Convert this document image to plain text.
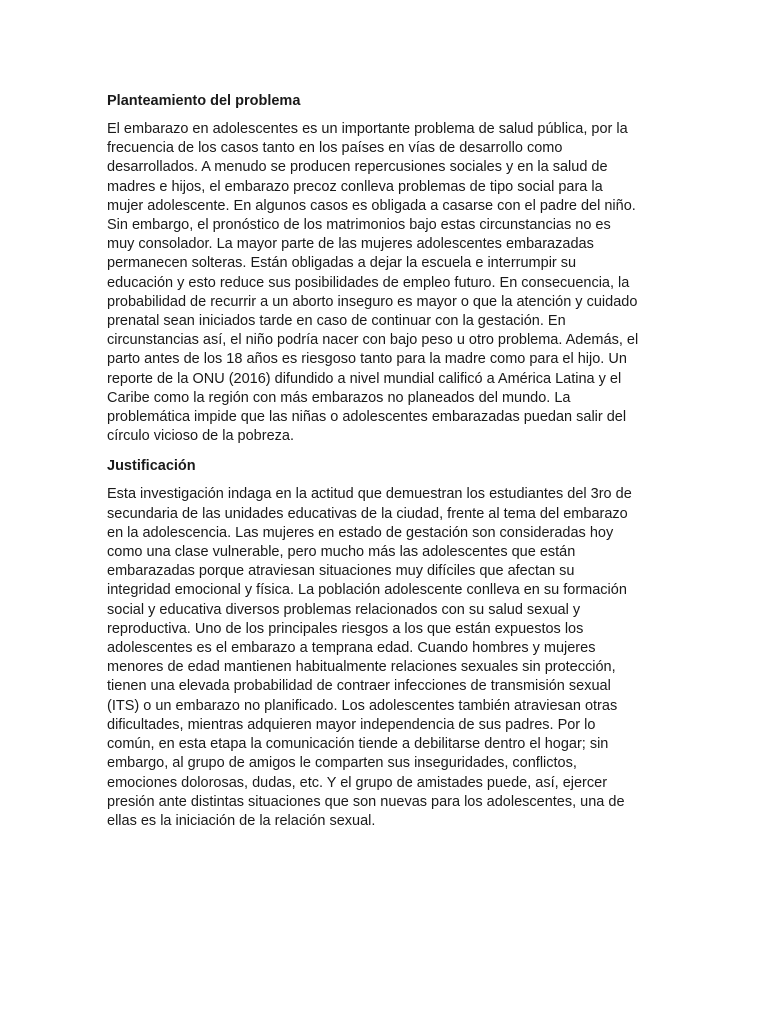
Planteamiento del problema

El embarazo en adolescentes es un importante problema de salud pública, por la
frecuencia de los casos tanto en los países en vías de desarrollo como
desarrollados. A menudo se producen repercusiones sociales y en la salud de
madres e hijos, el embarazo precoz conlleva problemas de tipo social para la
mujer adolescente. En algunos casos es obligada a casarse con el padre del niño.
Sin embargo, el pronóstico de los matrimonios bajo estas circunstancias no es
muy consolador. La mayor parte de las mujeres adolescentes embarazadas
permanecen solteras. Están obligadas a dejar la escuela e interrumpir su
educación y esto reduce sus posibilidades de empleo futuro. En consecuencia, la
probabilidad de recurrir a un aborto inseguro es mayor o que la atención y cuidado
prenatal sean iniciados tarde en caso de continuar con la gestación. En
circunstancias así, el niño podría nacer con bajo peso u otro problema. Además, el
parto antes de los 18 años es riesgoso tanto para la madre como para el hijo. Un
reporte de la ONU (2016) difundido a nivel mundial calificó a América Latina y el
Caribe como la región con más embarazos no planeados del mundo. La
problemática impide que las niñas o adolescentes embarazadas puedan salir del
círculo vicioso de la pobreza.

Justificación

Esta investigación indaga en la actitud que demuestran los estudiantes del 3ro de
secundaria de las unidades educativas de la ciudad, frente al tema del embarazo
en la adolescencia. Las mujeres en estado de gestación son consideradas hoy
como una clase vulnerable, pero mucho más las adolescentes que están
embarazadas porque atraviesan situaciones muy difíciles que afectan su
integridad emocional y física. La población adolescente conlleva en su formación
social y educativa diversos problemas relacionados con su salud sexual y
reproductiva. Uno de los principales riesgos a los que están expuestos los
adolescentes es el embarazo a temprana edad. Cuando hombres y mujeres
menores de edad mantienen habitualmente relaciones sexuales sin protección,
tienen una elevada probabilidad de contraer infecciones de transmisión sexual
(ITS) o un embarazo no planificado. Los adolescentes también atraviesan otras
dificultades, mientras adquieren mayor independencia de sus padres. Por lo
común, en esta etapa la comunicación tiende a debilitarse dentro el hogar; sin
embargo, al grupo de amigos le comparten sus inseguridades, conflictos,
emociones dolorosas, dudas, etc. Y el grupo de amistades puede, así, ejercer
presión ante distintas situaciones que son nuevas para los adolescentes, una de
ellas es la iniciación de la relación sexual.
